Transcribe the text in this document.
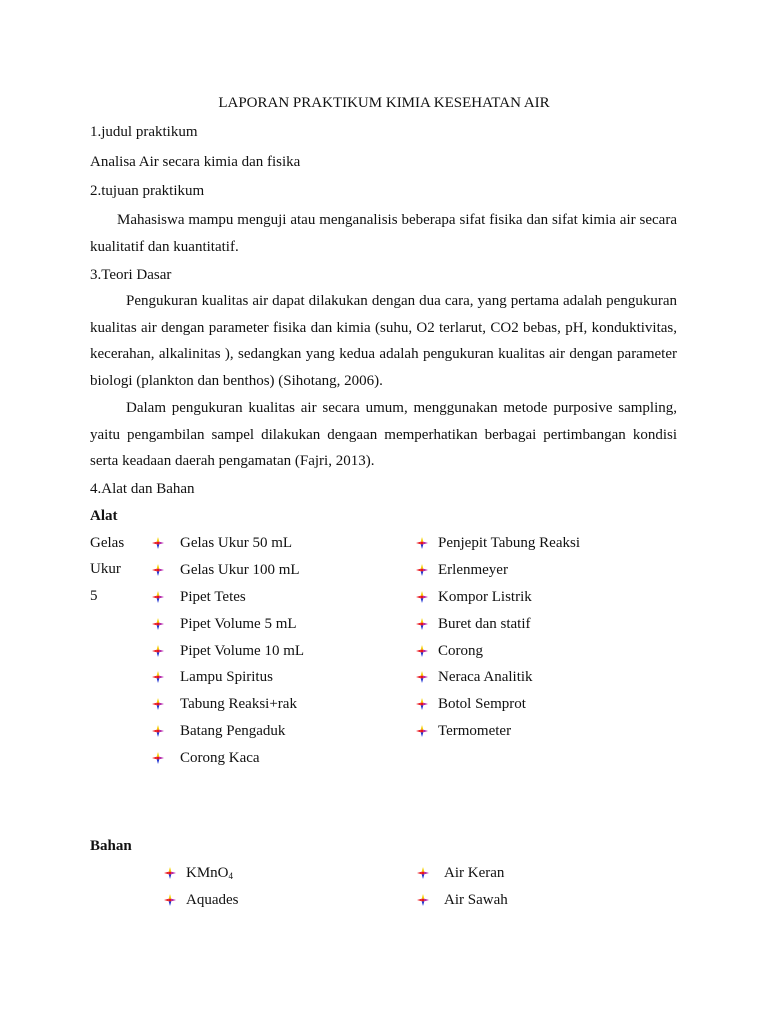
LAPORAN PRAKTIKUM KIMIA KESEHATAN AIR
1.judul praktikum
Analisa Air secara kimia dan fisika
2.tujuan praktikum
Mahasiswa mampu menguji atau menganalisis beberapa sifat fisika dan sifat kimia air secara kualitatif dan kuantitatif.
3.Teori Dasar
Pengukuran kualitas air dapat dilakukan dengan dua cara, yang pertama adalah pengukuran kualitas air dengan parameter fisika dan kimia (suhu, O2 terlarut, CO2 bebas, pH, konduktivitas, kecerahan, alkalinitas ), sedangkan yang kedua adalah pengukuran kualitas air dengan parameter biologi (plankton dan benthos) (Sihotang, 2006).
Dalam pengukuran kualitas air secara umum, menggunakan metode purposive sampling, yaitu pengambilan sampel dilakukan dengaan memperhatikan berbagai pertimbangan kondisi serta keadaan daerah pengamatan (Fajri, 2013).
4.Alat dan Bahan
Alat
Gelas
Ukur
5
Gelas Ukur 50 mL
Gelas Ukur 100 mL
Pipet Tetes
Pipet Volume 5 mL
Pipet Volume 10 mL
Lampu Spiritus
Tabung Reaksi+rak
Batang Pengaduk
Corong Kaca
Penjepit Tabung Reaksi
Erlenmeyer
Kompor Listrik
Buret dan statif
Corong
Neraca Analitik
Botol Semprot
Termometer
Bahan
KMnO$_4$
Aquades
Air Keran
Air Sawah
